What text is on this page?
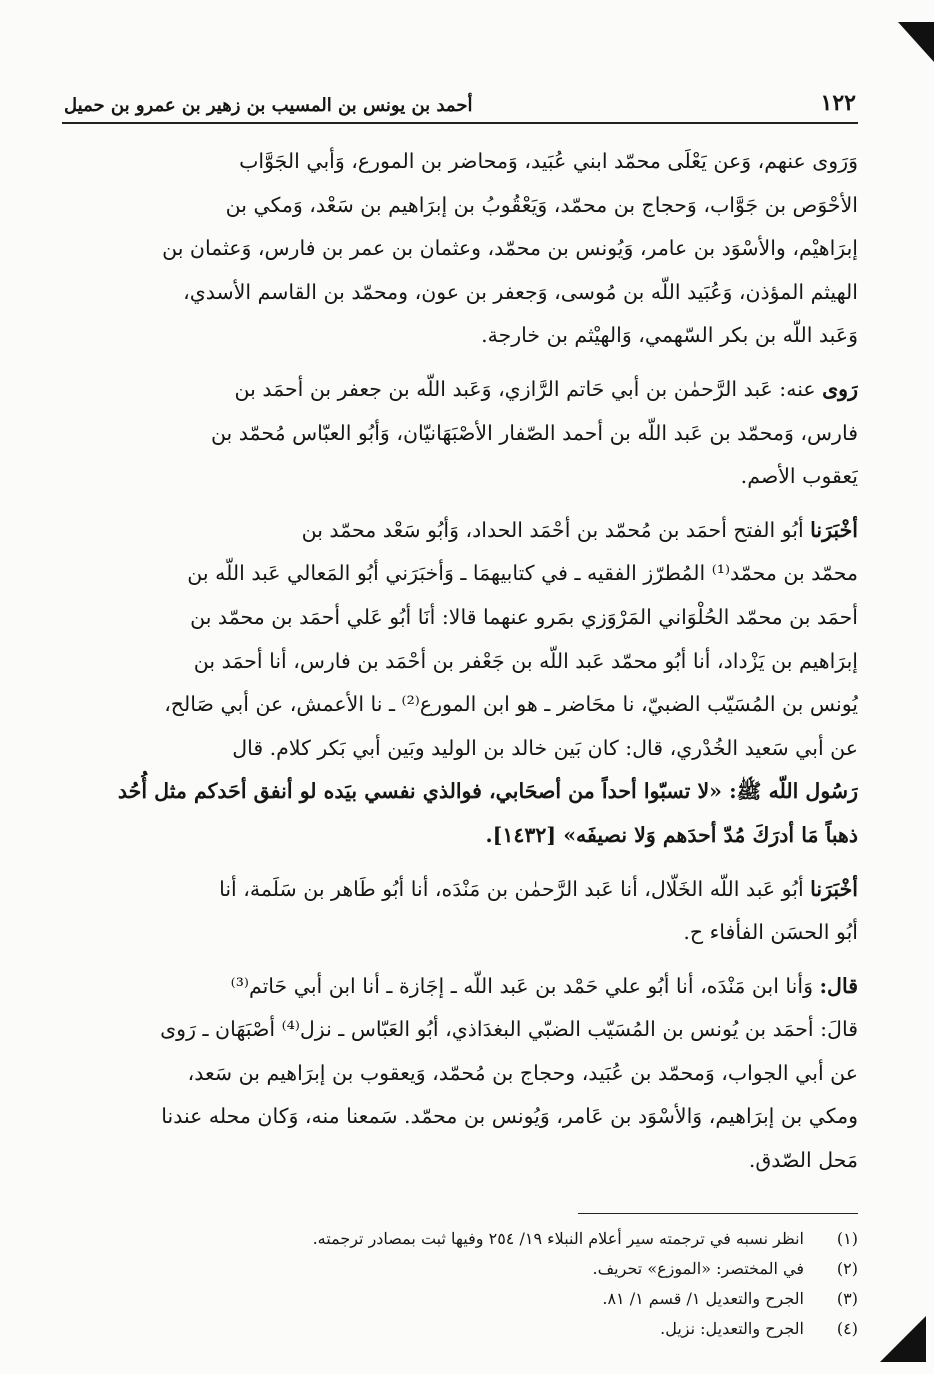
١٢٢
أحمد بن يونس بن المسيب بن زهير بن عمرو بن حميل

وَرَوى عنهم، وَعن يَعْلَى محمّد ابني عُبَيد، وَمحاضر بن المورع، وَأبي الجَوَّاب
الأحْوَص بن جَوَّاب، وَحجاج بن محمّد، وَيَعْقُوبُ بن إبرَاهيم بن سَعْد، وَمكي بن
إبرَاهيْم، والأسْوَد بن عامر، وَيُونس بن محمّد، وعثمان بن عمر بن فارس، وَعثمان بن
الهيثم المؤذن، وَعُبَيد اللّه بن مُوسى، وَجعفر بن عون، ومحمّد بن القاسم الأسدي،
وَعَبد اللّه بن بكر السّهمي، وَالهيْثم بن خارجة.

رَوى عنه: عَبد الرَّحمٰن بن أبي حَاتم الرَّازي، وَعَبد اللّه بن جعفر بن أحمَد بن
فارس، وَمحمّد بن عَبد اللّه بن أحمد الصّفار الأصْبَهَانيّان، وَأبُو العبّاس مُحمّد بن
يَعقوب الأصم.

أخْبَرَنا أبُو الفتح أحمَد بن مُحمّد بن أحْمَد الحداد، وَأبُو سَعْد محمّد بن
محمّد بن محمّد⁽¹⁾ المُطرّز الفقيه ـ في كتابيهمَا ـ وَأخبَرَني أبُو المَعالي عَبد اللّه بن
أحمَد بن محمّد الحُلْوَاني المَرْوَزي بمَرو عنهما قالا: أنَا أبُو عَلي أحمَد بن محمّد بن
إبرَاهيم بن يَزْداد، أنا أبُو محمّد عَبد اللّه بن جَعْفر بن أحْمَد بن فارس، أنا أحمَد بن
يُونس بن المُسَيّب الضبيّ، نا محَاضر ـ هو ابن المورع⁽²⁾ ـ نا الأعمش، عن أبي صَالح،
عن أبي سَعيد الخُدْري، قال: كان بَين خالد بن الوليد وبَين أبي بَكر كلام. قال
رَسُول اللّه ﷺ: «لا تسبّوا أحداً من أصحَابي، فوالذي نفسي بيَده لو أنفق أحَدكم مثل أُحُد
ذهباً مَا أدرَكَ مُدّ أحدَهم وَلا نصيفَه» [١٤٣٢].

أخْبَرَنا أبُو عَبد اللّه الخَلّال، أنا عَبد الرَّحمٰن بن مَنْدَه، أنا أبُو طَاهر بن سَلَمة، أنا
أبُو الحسَن الفأفاء ح.

قال: وَأنا ابن مَنْدَه، أنا أبُو علي حَمْد بن عَبد اللّه ـ إجَازة ـ أنا ابن أبي حَاتم⁽³⁾
قالَ: أحمَد بن يُونس بن المُسَيّب الضبّي البغدَاذي، أبُو العَبّاس ـ نزل⁽⁴⁾ أصْبَهَان ـ رَوى
عن أبي الجواب، وَمحمّد بن عُبَيد، وحجاج بن مُحمّد، وَيعقوب بن إبرَاهيم بن سَعد،
ومكي بن إبرَاهيم، وَالأسْوَد بن عَامر، وَيُونس بن محمّد. سَمعنا منه، وَكان محله عندنا
مَحل الصّدق.

(١)
انظر نسبه في ترجمته سير أعلام النبلاء ١٩/ ٢٥٤ وفيها ثبت بمصادر ترجمته.
(٢)
في المختصر: «الموزع» تحريف.
(٣)
الجرح والتعديل ١/ قسم ١/ ٨١.
(٤)
الجرح والتعديل: نزيل.
